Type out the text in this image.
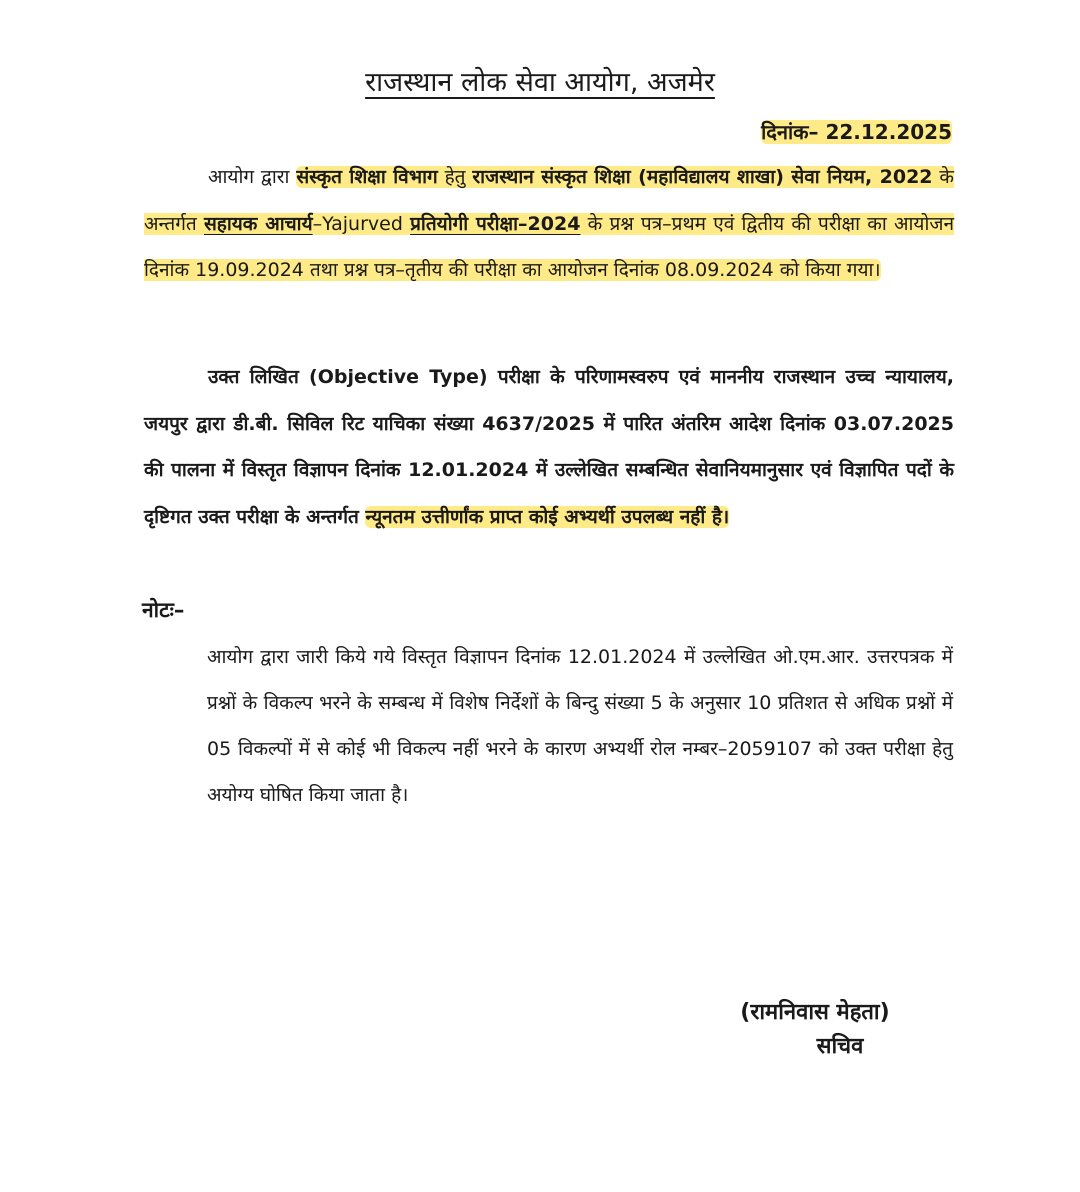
राजस्थान लोक सेवा आयोग, अजमेर
दिनांक– 22.12.2025
आयोग द्वारा संस्कृत शिक्षा विभाग हेतु राजस्थान संस्कृत शिक्षा (महाविद्यालय शाखा) सेवा नियम, 2022 के अन्तर्गत सहायक आचार्य–Yajurved प्रतियोगी परीक्षा–2024 के प्रश्न पत्र–प्रथम एवं द्वितीय की परीक्षा का आयोजन दिनांक 19.09.2024 तथा प्रश्न पत्र–तृतीय की परीक्षा का आयोजन दिनांक 08.09.2024 को किया गया।
उक्त लिखित (Objective Type) परीक्षा के परिणामस्वरुप एवं माननीय राजस्थान उच्च न्यायालय, जयपुर द्वारा डी.बी. सिविल रिट याचिका संख्या 4637/2025 में पारित अंतरिम आदेश दिनांक 03.07.2025 की पालना में विस्तृत विज्ञापन दिनांक 12.01.2024 में उल्लेखित सम्बन्धित सेवानियमानुसार एवं विज्ञापित पदों के दृष्टिगत उक्त परीक्षा के अन्तर्गत न्यूनतम उत्तीर्णांक प्राप्त कोई अभ्यर्थी उपलब्ध नहीं है।
नोटः–
आयोग द्वारा जारी किये गये विस्तृत विज्ञापन दिनांक 12.01.2024 में उल्लेखित ओ.एम.आर. उत्तरपत्रक में प्रश्नों के विकल्प भरने के सम्बन्ध में विशेष निर्देशों के बिन्दु संख्या 5 के अनुसार 10 प्रतिशत से अधिक प्रश्नों में 05 विकल्पों में से कोई भी विकल्प नहीं भरने के कारण अभ्यर्थी रोल नम्बर–2059107 को उक्त परीक्षा हेतु अयोग्य घोषित किया जाता है।
(रामनिवास मेहता)
सचिव
